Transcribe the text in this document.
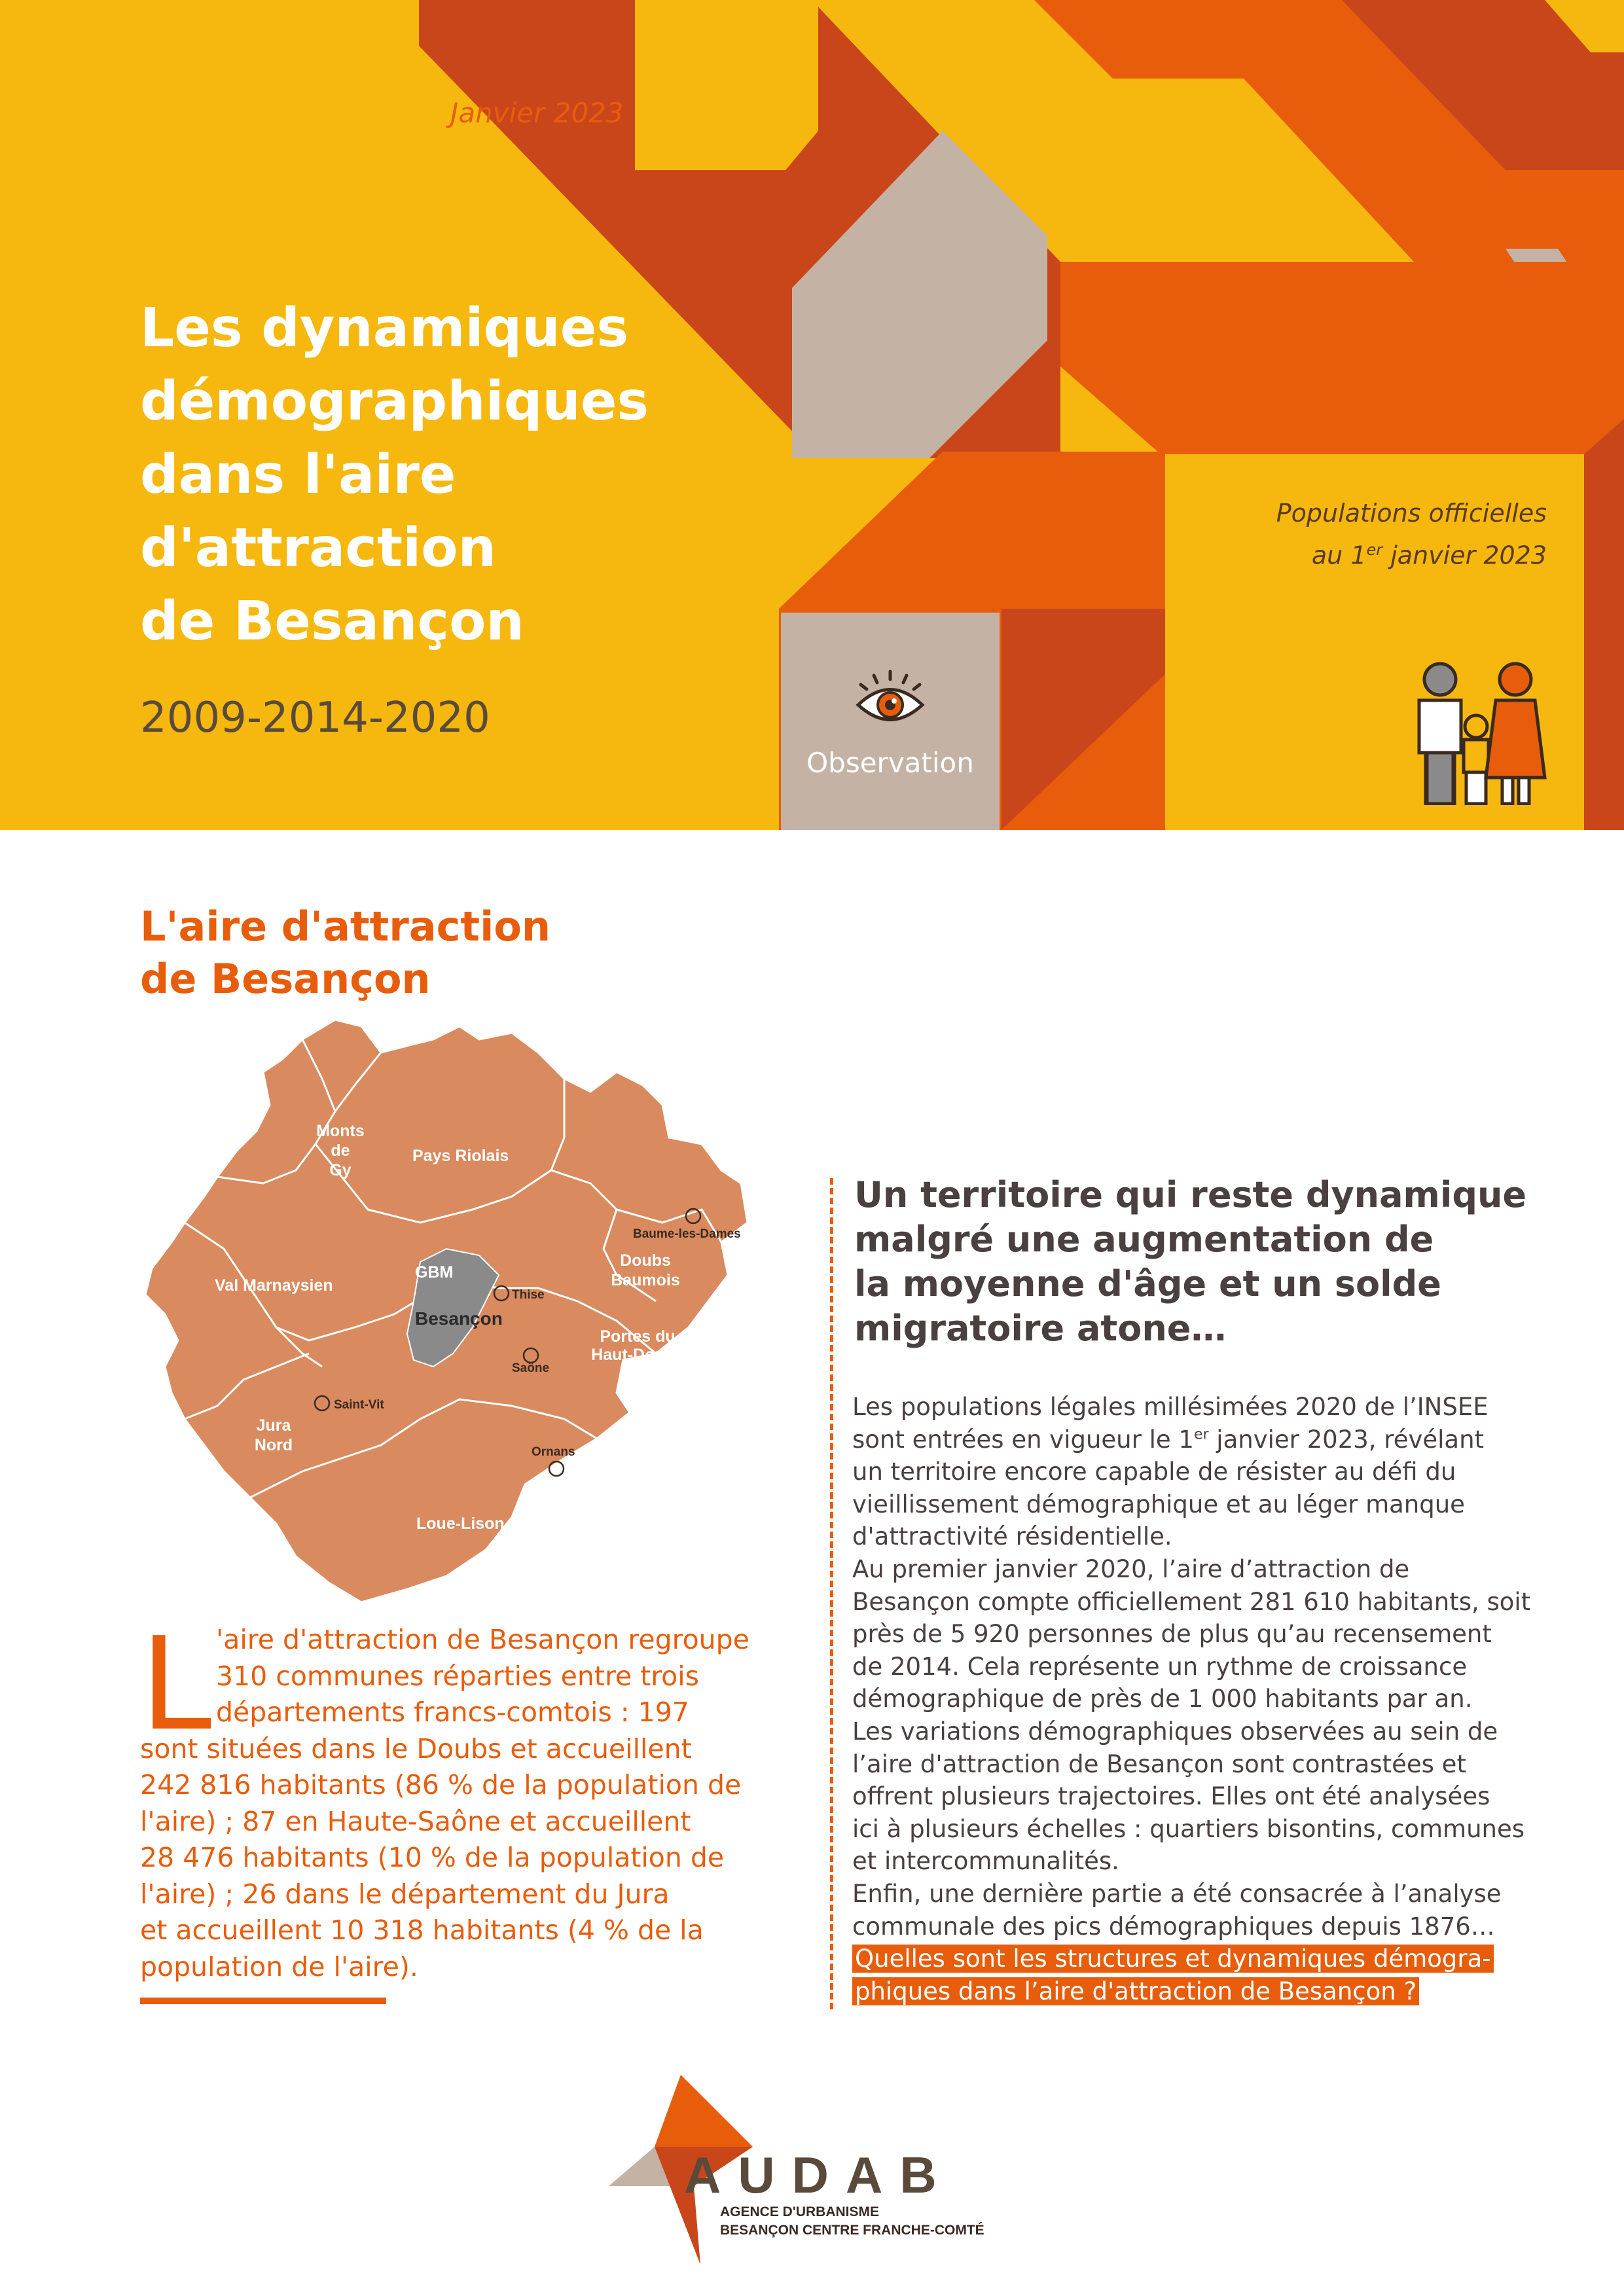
Janvier 2023
Les dynamiques
démographiques
dans l'aire
d'attraction
de Besançon
2009-2014-2020
Populations officielles
au 1er janvier 2023
Observation
L'aire d'attraction
de Besançon
Monts
de
Gy
Pays Riolais
Val Marnaysien
GBM
Besançon
Thise
Saône
Baume-les-Dames
Doubs
Baumois
Portes du
Haut-Doubs
Saint-Vit
Jura
Nord	Ornans
Loue-Lison
L 'aire d'attraction de Besançon regroupe
310 communes réparties entre trois
départements francs-comtois : 197
sont situées dans le Doubs et accueillent
242 816 habitants (86 % de la population de
l'aire) ; 87 en Haute-Saône et accueillent
28 476 habitants (10 % de la population de
l'aire) ; 26 dans le département du Jura
et accueillent 10 318 habitants (4 % de la
population de l'aire).
Un territoire qui reste dynamique
malgré une augmentation de
la moyenne d'âge et un solde
migratoire atone…
Les populations légales millésimées 2020 de l’INSEE
sont entrées en vigueur le 1er janvier 2023, révélant
un territoire encore capable de résister au défi du
vieillissement démographique et au léger manque
d'attractivité résidentielle.
Au premier janvier 2020, l’aire d’attraction de
Besançon compte officiellement 281 610 habitants, soit
près de 5 920 personnes de plus qu’au recensement
de 2014. Cela représente un rythme de croissance
démographique de près de 1 000 habitants par an.
Les variations démographiques observées au sein de
l’aire d'attraction de Besançon sont contrastées et
offrent plusieurs trajectoires. Elles ont été analysées
ici à plusieurs échelles : quartiers bisontins, communes
et intercommunalités.
Enfin, une dernière partie a été consacrée à l’analyse
communale des pics démographiques depuis 1876…
Quelles sont les structures et dynamiques démogra-
phiques dans l’aire d'attraction de Besançon ?
AUDAB
AGENCE D'URBANISME
BESANÇON CENTRE FRANCHE-COMTÉ
